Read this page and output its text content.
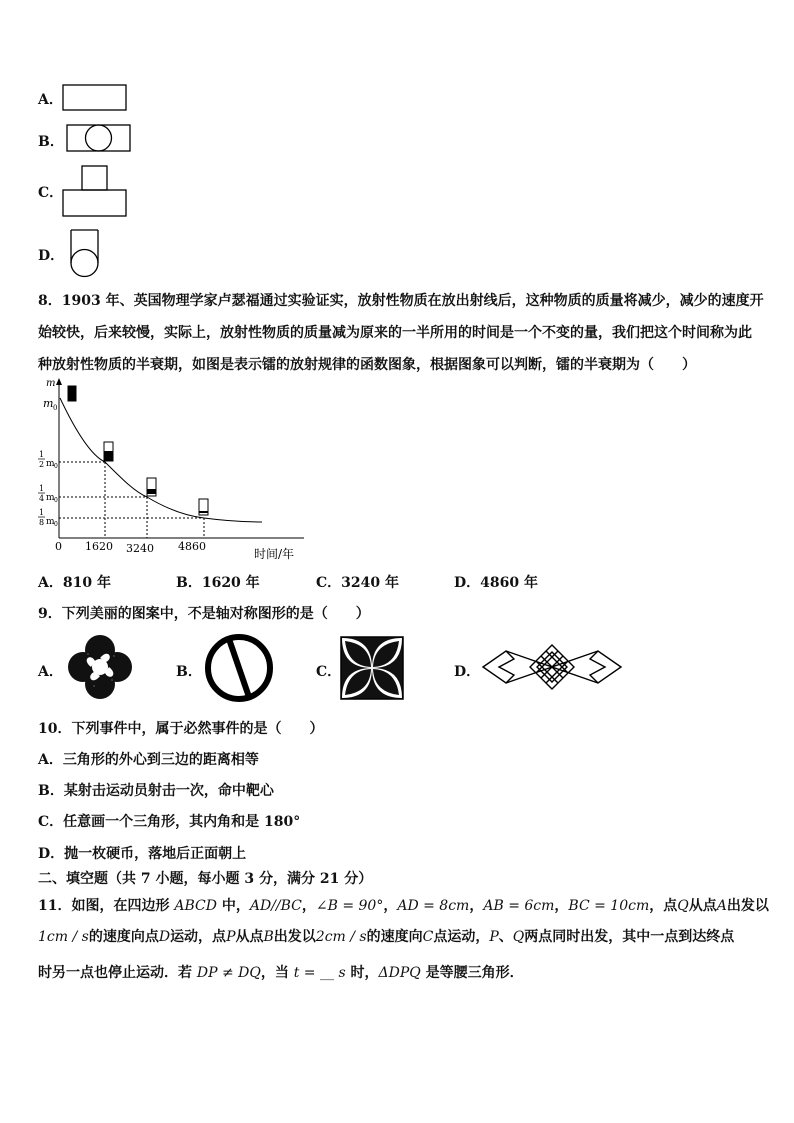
A．
B．
C．
D．
8．1903 年、英国物理学家卢瑟福通过实验证实，放射性物质在放出射线后，这种物质的质量将减少，减少的速度开
始较快，后来较慢，实际上，放射性物质的质量减为原来的一半所用的时间是一个不变的量，我们把这个时间称为此
种放射性物质的半衰期，如图是表示镭的放射规律的函数图象，根据图象可以判断，镭的半衰期为（　　）
m
m 0
1
2 m 0
1
4 m 0
1
8 m 0
0 1620 3240 4860
时间/年
A．810 年	B．1620 年	C．3240 年	D．4860 年
9．下列美丽的图案中，不是轴对称图形的是（　　）
A．	B．	C．	D．
10．下列事件中，属于必然事件的是（　　）
A．三角形的外心到三边的距离相等
B．某射击运动员射击一次，命中靶心
C．任意画一个三角形，其内角和是 180°
D．抛一枚硬币，落地后正面朝上
二、填空题（共 7 小题，每小题 3 分，满分 21 分）
11．如图，在四边形 ABCD 中，AD//BC，∠B = 90°，AD = 8cm，AB = 6cm，BC = 10cm，点Q从点A出发以
1cm / s的速度向点D运动，点P从点B出发以2cm / s的速度向C点运动，P、Q两点同时出发，其中一点到达终点
时另一点也停止运动．若 DP ≠ DQ，当 t = __ s 时，ΔDPQ 是等腰三角形．
